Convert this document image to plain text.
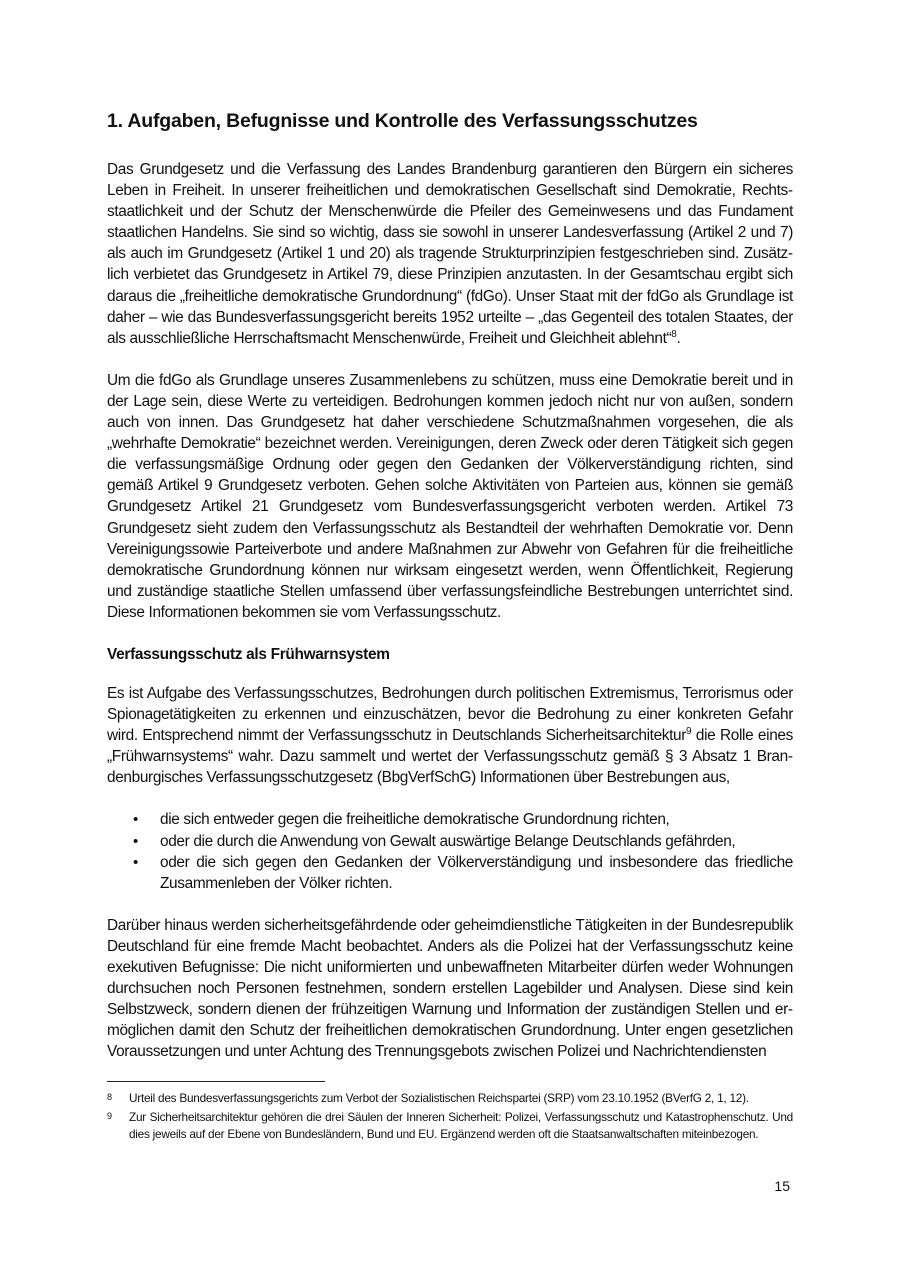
1. Aufgaben, Befugnisse und Kontrolle des Verfassungsschutzes

Das Grundgesetz und die Verfassung des Landes Brandenburg garantieren den Bürgern ein sicheres Leben in Freiheit. In unserer freiheitlichen und demokratischen Gesellschaft sind Demokratie, Rechtsstaatlichkeit und der Schutz der Menschenwürde die Pfeiler des Gemeinwesens und das Fundament staatlichen Handelns. Sie sind so wichtig, dass sie sowohl in unserer Landesverfassung (Artikel 2 und 7) als auch im Grundgesetz (Artikel 1 und 20) als tragende Strukturprinzipien festgeschrieben sind. Zusätzlich verbietet das Grundgesetz in Artikel 79, diese Prinzipien anzutasten. In der Gesamtschau ergibt sich daraus die „freiheitliche demokratische Grundordnung“ (fdGo). Unser Staat mit der fdGo als Grundlage ist daher – wie das Bundesverfassungsgericht bereits 1952 urteilte – „das Gegenteil des totalen Staates, der als ausschließliche Herrschaftsmacht Menschenwürde, Freiheit und Gleichheit ablehnt“$^8$.

Um die fdGo als Grundlage unseres Zusammenlebens zu schützen, muss eine Demokratie bereit und in der Lage sein, diese Werte zu verteidigen. Bedrohungen kommen jedoch nicht nur von außen, sondern auch von innen. Das Grundgesetz hat daher verschiedene Schutzmaßnahmen vorgesehen, die als „wehrhafte Demokratie“ bezeichnet werden. Vereinigungen, deren Zweck oder deren Tätigkeit sich gegen die verfassungsmäßige Ordnung oder gegen den Gedanken der Völkerverständigung richten, sind gemäß Artikel 9 Grundgesetz verboten. Gehen solche Aktivitäten von Parteien aus, können sie gemäß Grundgesetz Artikel 21 Grundgesetz vom Bundesverfassungsgericht verboten werden. Artikel 73 Grundgesetz sieht zudem den Verfassungsschutz als Bestandteil der wehrhaften Demokratie vor. Denn Vereinigungssowie Parteiverbote und andere Maßnahmen zur Abwehr von Gefahren für die freiheitliche demokratische Grundordnung können nur wirksam eingesetzt werden, wenn Öffentlichkeit, Regierung und zuständige staatliche Stellen umfassend über verfassungsfeindliche Bestrebungen unterrichtet sind. Diese Informationen bekommen sie vom Verfassungsschutz.

Verfassungsschutz als Frühwarnsystem

Es ist Aufgabe des Verfassungsschutzes, Bedrohungen durch politischen Extremismus, Terrorismus oder Spionagetätigkeiten zu erkennen und einzuschätzen, bevor die Bedrohung zu einer konkreten Gefahr wird. Entsprechend nimmt der Verfassungsschutz in Deutschlands Sicherheitsarchitektur$^9$ die Rolle eines „Frühwarnsystems“ wahr. Dazu sammelt und wertet der Verfassungsschutz gemäß § 3 Absatz 1 Brandenburgisches Verfassungsschutzgesetz (BbgVerfSchG) Informationen über Bestrebungen aus,

• die sich entweder gegen die freiheitliche demokratische Grundordnung richten,
• oder die durch die Anwendung von Gewalt auswärtige Belange Deutschlands gefährden,
• oder die sich gegen den Gedanken der Völkerverständigung und insbesondere das friedliche Zusammenleben der Völker richten.

Darüber hinaus werden sicherheitsgefährdende oder geheimdienstliche Tätigkeiten in der Bundesrepublik Deutschland für eine fremde Macht beobachtet. Anders als die Polizei hat der Verfassungsschutz keine exekutiven Befugnisse: Die nicht uniformierten und unbewaffneten Mitarbeiter dürfen weder Wohnungen durchsuchen noch Personen festnehmen, sondern erstellen Lagebilder und Analysen. Diese sind kein Selbstzweck, sondern dienen der frühzeitigen Warnung und Information der zuständigen Stellen und ermöglichen damit den Schutz der freiheitlichen demokratischen Grundordnung. Unter engen gesetzlichen Voraussetzungen und unter Achtung des Trennungsgebots zwischen Polizei und Nachrichtendiensten

8	Urteil des Bundesverfassungsgerichts zum Verbot der Sozialistischen Reichspartei (SRP) vom 23.10.1952 (BVerfG 2, 1, 12).
9	Zur Sicherheitsarchitektur gehören die drei Säulen der Inneren Sicherheit: Polizei, Verfassungsschutz und Katastrophenschutz. Und dies jeweils auf der Ebene von Bundesländern, Bund und EU. Ergänzend werden oft die Staatsanwaltschaften miteinbezogen.
15
